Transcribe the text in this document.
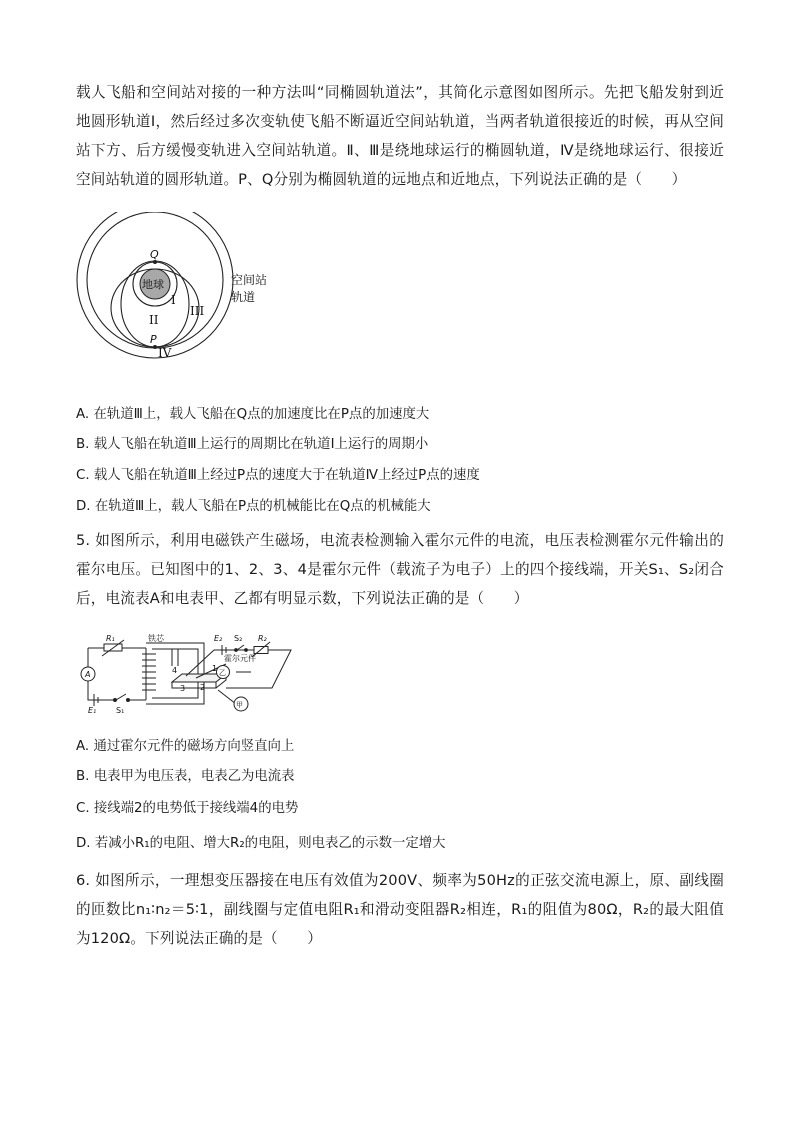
载人飞船和空间站对接的一种方法叫“同椭圆轨道法”，其简化示意图如图所示。先把飞船发射到近地圆形轨道Ⅰ，然后经过多次变轨使飞船不断逼近空间站轨道，当两者轨道很接近的时候，再从空间站下方、后方缓慢变轨进入空间站轨道。Ⅱ、Ⅲ是绕地球运行的椭圆轨道，Ⅳ是绕地球运行、很接近空间站轨道的圆形轨道。P、Q分别为椭圆轨道的远地点和近地点，下列说法正确的是（　　）
地球
Q
P
I
II
III
IV
空间站
轨道
A. 在轨道Ⅲ上，载人飞船在Q点的加速度比在P点的加速度大
B. 载人飞船在轨道Ⅲ上运行的周期比在轨道Ⅰ上运行的周期小
C. 载人飞船在轨道Ⅲ上经过P点的速度大于在轨道Ⅳ上经过P点的速度
D. 在轨道Ⅲ上，载人飞船在P点的机械能比在Q点的机械能大
5. 如图所示，利用电磁铁产生磁场，电流表检测输入霍尔元件的电流，电压表检测霍尔元件输出的霍尔电压。已知图中的1、2、3、4是霍尔元件（载流子为电子）上的四个接线端，开关S₁、S₂闭合后，电流表A和电表甲、乙都有明显示数，下列说法正确的是（　　）
R₁
A
E₁ S₁
铁芯	E₂ S₂ R₂
霍尔元件
1
2
3
4	乙
甲
A. 通过霍尔元件的磁场方向竖直向上
B. 电表甲为电压表，电表乙为电流表
C. 接线端2的电势低于接线端4的电势
D. 若减小R₁的电阻、增大R₂的电阻，则电表乙的示数一定增大
6. 如图所示，一理想变压器接在电压有效值为200V、频率为50Hz的正弦交流电源上，原、副线圈的匝数比n₁∶n₂＝5∶1，副线圈与定值电阻R₁和滑动变阻器R₂相连，R₁的阻值为80Ω，R₂的最大阻值为120Ω。下列说法正确的是（　　）
